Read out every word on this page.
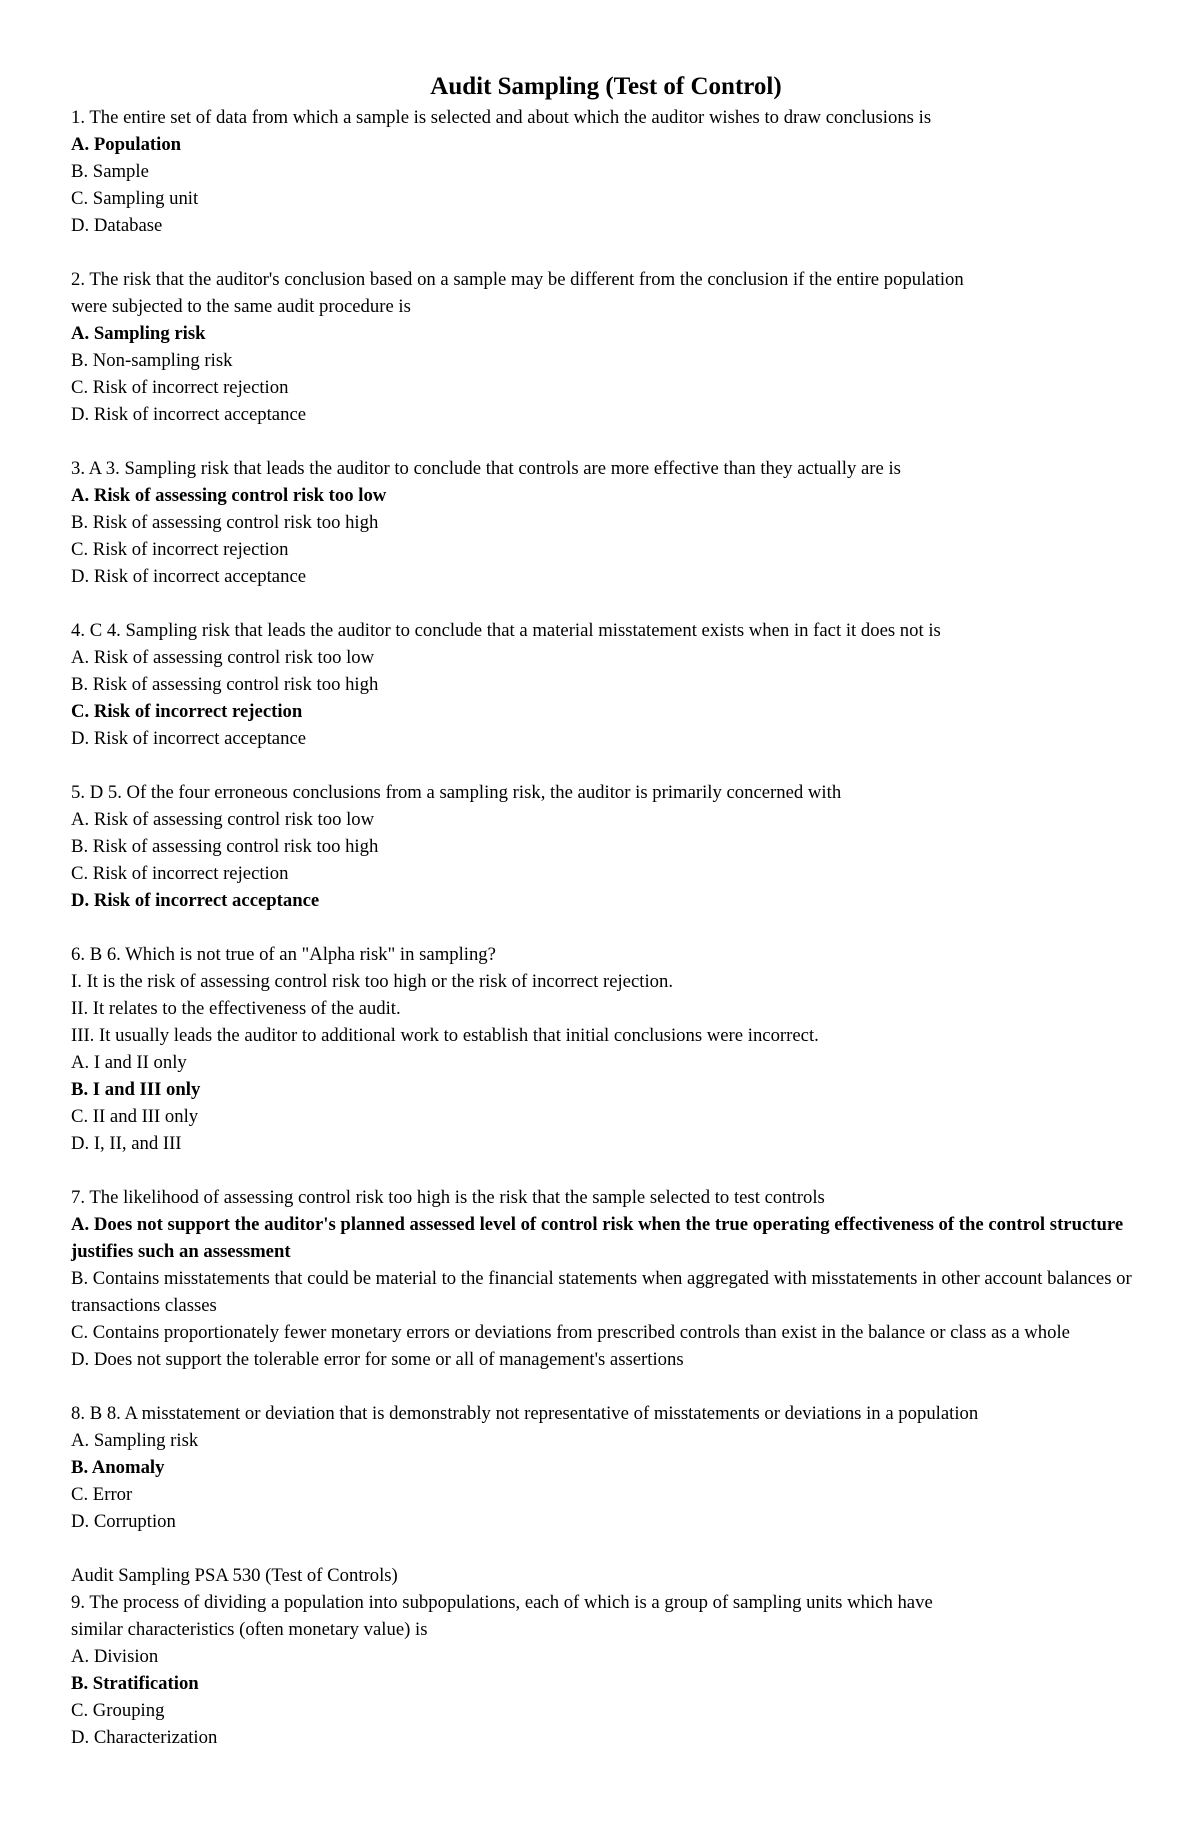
Audit Sampling (Test of Control)
1. The entire set of data from which a sample is selected and about which the auditor wishes to draw conclusions is
A. Population
B. Sample
C. Sampling unit
D. Database
2. The risk that the auditor's conclusion based on a sample may be different from the conclusion if the entire population
were subjected to the same audit procedure is
A. Sampling risk
B. Non-sampling risk
C. Risk of incorrect rejection
D. Risk of incorrect acceptance
3. A 3. Sampling risk that leads the auditor to conclude that controls are more effective than they actually are is
A. Risk of assessing control risk too low
B. Risk of assessing control risk too high
C. Risk of incorrect rejection
D. Risk of incorrect acceptance
4. C 4. Sampling risk that leads the auditor to conclude that a material misstatement exists when in fact it does not is
A. Risk of assessing control risk too low
B. Risk of assessing control risk too high
C. Risk of incorrect rejection
D. Risk of incorrect acceptance
5. D 5. Of the four erroneous conclusions from a sampling risk, the auditor is primarily concerned with
A. Risk of assessing control risk too low
B. Risk of assessing control risk too high
C. Risk of incorrect rejection
D. Risk of incorrect acceptance
6. B 6. Which is not true of an "Alpha risk" in sampling?
I. It is the risk of assessing control risk too high or the risk of incorrect rejection.
II. It relates to the effectiveness of the audit.
III. It usually leads the auditor to additional work to establish that initial conclusions were incorrect.
A. I and II only
B. I and III only
C. II and III only
D. I, II, and III
7. The likelihood of assessing control risk too high is the risk that the sample selected to test controls
A. Does not support the auditor's planned assessed level of control risk when the true operating effectiveness of the control structure justifies such an assessment
B. Contains misstatements that could be material to the financial statements when aggregated with misstatements in other account balances or transactions classes
C. Contains proportionately fewer monetary errors or deviations from prescribed controls than exist in the balance or class as a whole
D. Does not support the tolerable error for some or all of management's assertions
8. B 8. A misstatement or deviation that is demonstrably not representative of misstatements or deviations in a population
A. Sampling risk
B. Anomaly
C. Error
D. Corruption
Audit Sampling PSA 530 (Test of Controls)
9. The process of dividing a population into subpopulations, each of which is a group of sampling units which have
similar characteristics (often monetary value) is
A. Division
B. Stratification
C. Grouping
D. Characterization
